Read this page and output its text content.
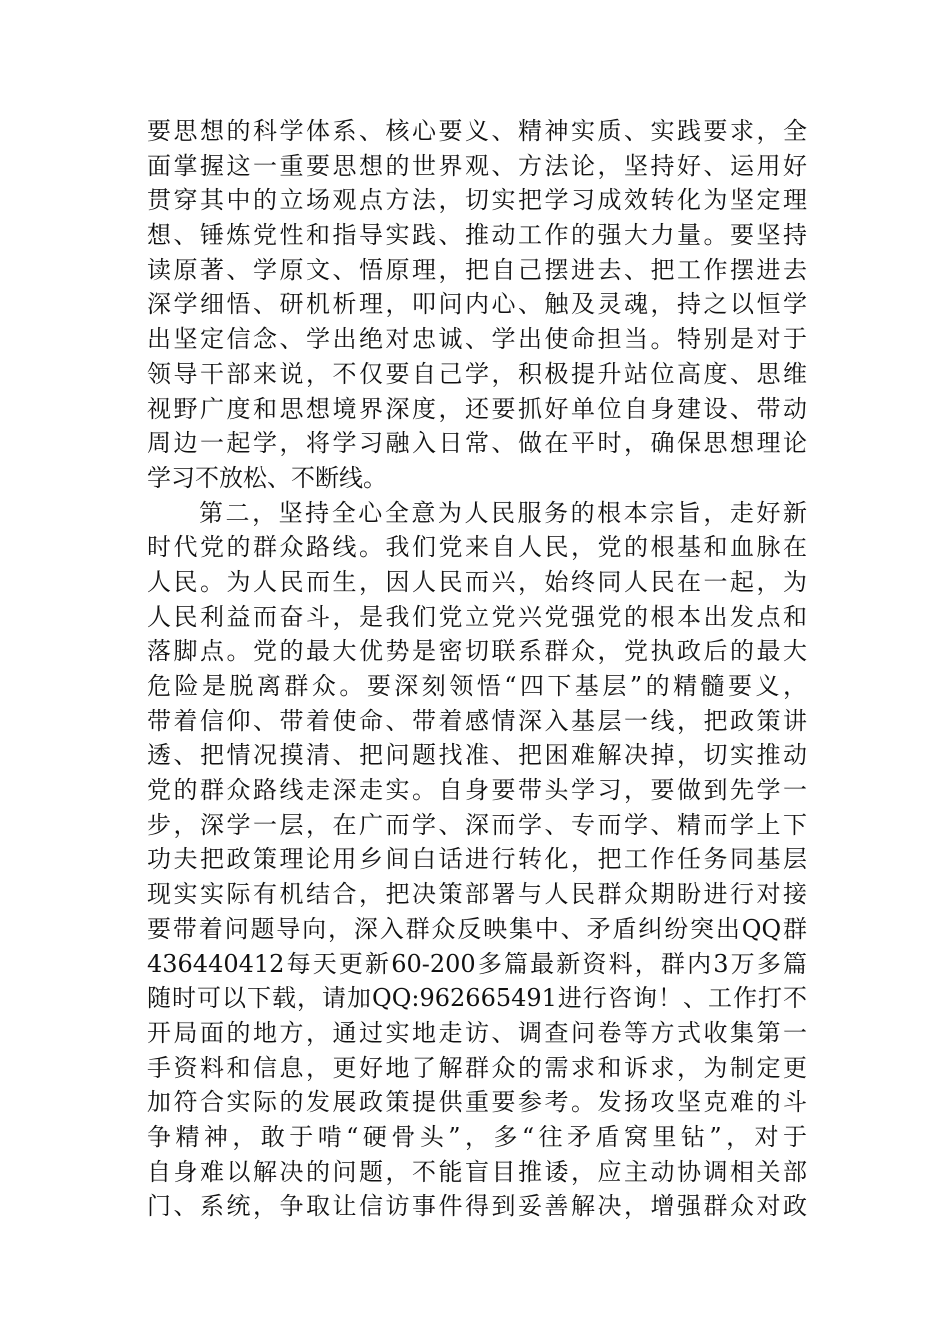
要思想的科学体系、核心要义、精神实质、实践要求，全
面掌握这一重要思想的世界观、方法论，坚持好、运用好
贯穿其中的立场观点方法，切实把学习成效转化为坚定理
想、锤炼党性和指导实践、推动工作的强大力量。要坚持
读原著、学原文、悟原理，把自己摆进去、把工作摆进去
深学细悟、研机析理，叩问内心、触及灵魂，持之以恒学
出坚定信念、学出绝对忠诚、学出使命担当。特别是对于
领导干部来说，不仅要自己学，积极提升站位高度、思维
视野广度和思想境界深度，还要抓好单位自身建设、带动
周边一起学，将学习融入日常、做在平时，确保思想理论
学习不放松、不断线。
第二，坚持全心全意为人民服务的根本宗旨，走好新
时代党的群众路线。我们党来自人民，党的根基和血脉在
人民。为人民而生，因人民而兴，始终同人民在一起，为
人民利益而奋斗，是我们党立党兴党强党的根本出发点和
落脚点。党的最大优势是密切联系群众，党执政后的最大
危险是脱离群众。要深刻领悟“四下基层”的精髓要义，
带着信仰、带着使命、带着感情深入基层一线，把政策讲
透、把情况摸清、把问题找准、把困难解决掉，切实推动
党的群众路线走深走实。自身要带头学习，要做到先学一
步，深学一层，在广而学、深而学、专而学、精而学上下
功夫把政策理论用乡间白话进行转化，把工作任务同基层
现实实际有机结合，把决策部署与人民群众期盼进行对接
要带着问题导向，深入群众反映集中、矛盾纠纷突出QQ群
436440412每天更新60-200多篇最新资料，群内3万多篇
随时可以下载，请加QQ:962665491进行咨询！、工作打不
开局面的地方，通过实地走访、调查问卷等方式收集第一
手资料和信息，更好地了解群众的需求和诉求，为制定更
加符合实际的发展政策提供重要参考。发扬攻坚克难的斗
争精神，敢于啃“硬骨头”，多“往矛盾窝里钻”，对于
自身难以解决的问题，不能盲目推诿，应主动协调相关部
门、系统，争取让信访事件得到妥善解决，增强群众对政
